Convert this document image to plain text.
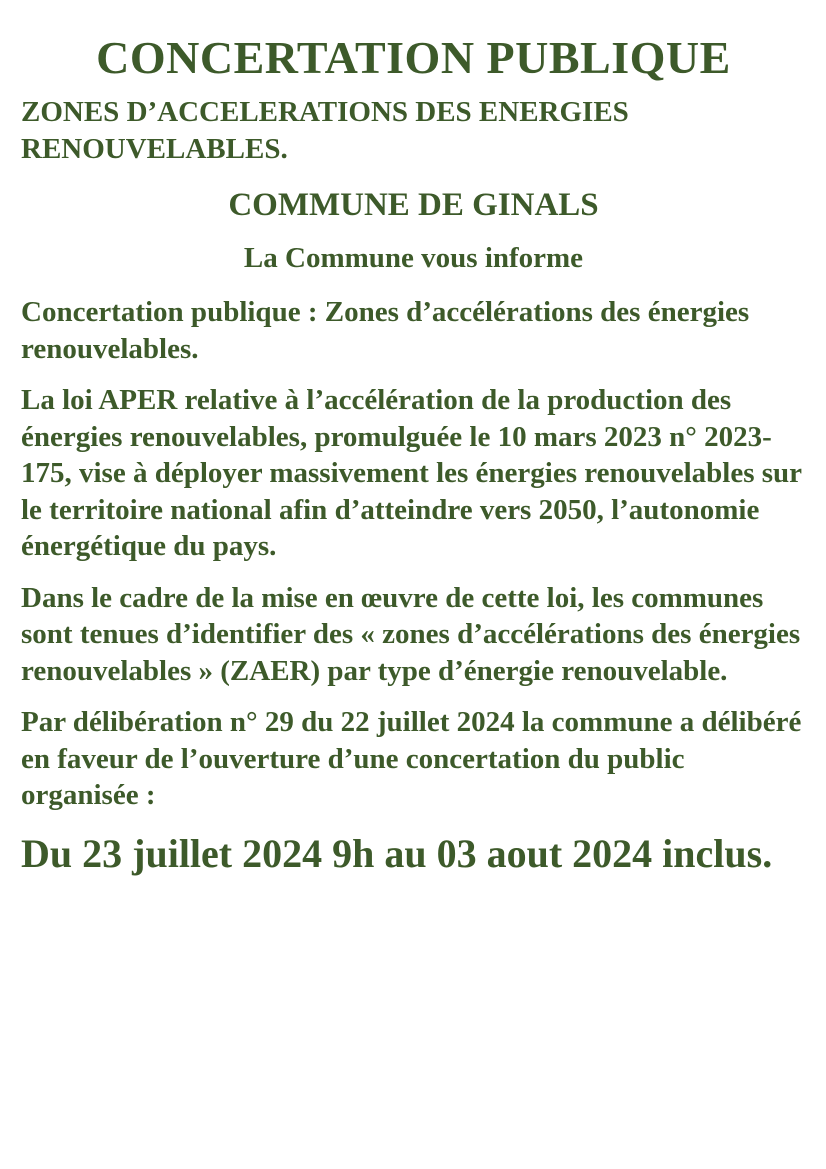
CONCERTATION PUBLIQUE
ZONES D’ACCELERATIONS DES ENERGIES RENOUVELABLES.
COMMUNE DE GINALS
La Commune vous informe

Concertation publique : Zones d’accélérations des énergies renouvelables.

La loi APER relative à l’accélération de la production des énergies renouvelables, promulguée le 10 mars 2023 n° 2023-175, vise à déployer massivement les énergies renouvelables sur le territoire national afin d’atteindre vers 2050, l’autonomie énergétique du pays.

Dans le cadre de la mise en œuvre de cette loi, les communes sont tenues d’identifier des « zones d’accélérations des énergies renouvelables » (ZAER) par type d’énergie renouvelable.

Par délibération n° 29 du 22 juillet 2024 la commune a délibéré en faveur de l’ouverture d’une concertation du public organisée :

Du 23 juillet 2024 9h au 03 aout 2024 inclus.
